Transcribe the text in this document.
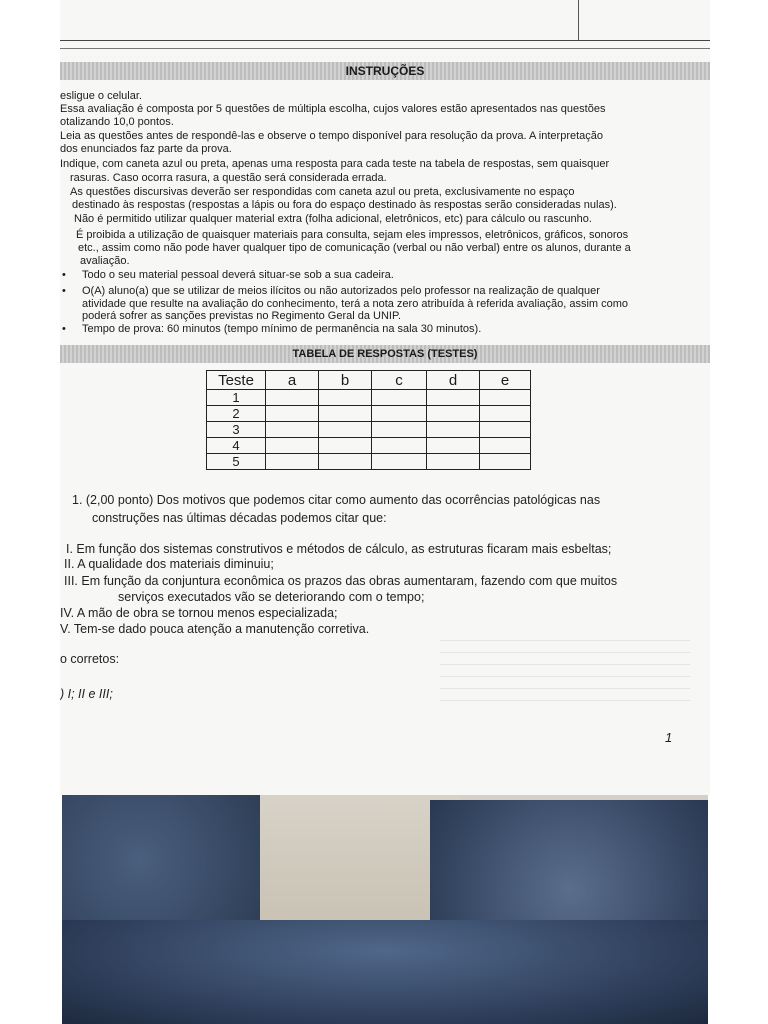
INSTRUÇÕES
esligue o celular.
Essa avaliação é composta por 5 questões de múltipla escolha, cujos valores estão apresentados nas questões
otalizando 10,0 pontos.
Leia as questões antes de respondê-las e observe o tempo disponível para resolução da prova. A interpretação
dos enunciados faz parte da prova.
Indique, com caneta azul ou preta, apenas uma resposta para cada teste na tabela de respostas, sem quaisquer
rasuras. Caso ocorra rasura, a questão será considerada errada.
As questões discursivas deverão ser respondidas com caneta azul ou preta, exclusivamente no espaço
destinado às respostas (respostas a lápis ou fora do espaço destinado às respostas serão consideradas nulas).
Não é permitido utilizar qualquer material extra (folha adicional, eletrônicos, etc) para cálculo ou rascunho.
É proibida a utilização de quaisquer materiais para consulta, sejam eles impressos, eletrônicos, gráficos, sonoros
etc., assim como não pode haver qualquer tipo de comunicação (verbal ou não verbal) entre os alunos, durante a
avaliação.
• Todo o seu material pessoal deverá situar-se sob a sua cadeira.
• O(A) aluno(a) que se utilizar de meios ilícitos ou não autorizados pelo professor na realização de qualquer
atividade que resulte na avaliação do conhecimento, terá a nota zero atribuída à referida avaliação, assim como
poderá sofrer as sanções previstas no Regimento Geral da UNIP.
• Tempo de prova: 60 minutos (tempo mínimo de permanência na sala 30 minutos).
TABELA DE RESPOSTAS (TESTES)
Teste	a	b	c	d	e
1					
2					
3					
4					
5					
1. (2,00 ponto) Dos motivos que podemos citar como aumento das ocorrências patológicas nas
construções nas últimas décadas podemos citar que:
I. Em função dos sistemas construtivos e métodos de cálculo, as estruturas ficaram mais esbeltas;
II. A qualidade dos materiais diminuiu;
III. Em função da conjuntura econômica os prazos das obras aumentaram, fazendo com que muitos
serviços executados vão se deteriorando com o tempo;
IV. A mão de obra se tornou menos especializada;
V. Tem-se dado pouca atenção a manutenção corretiva.
o corretos:
) I; II e III;
1
